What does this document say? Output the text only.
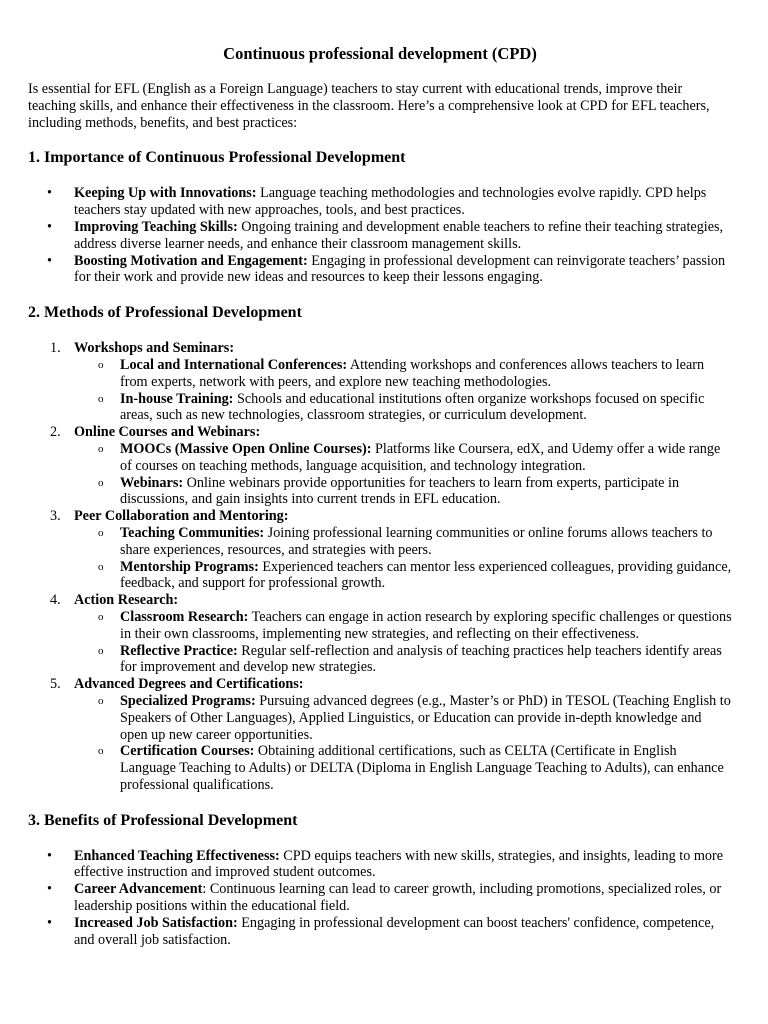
Continuous professional development (CPD)

Is essential for EFL (English as a Foreign Language) teachers to stay current with educational trends, improve their teaching skills, and enhance their effectiveness in the classroom. Here’s a comprehensive look at CPD for EFL teachers, including methods, benefits, and best practices:

1. Importance of Continuous Professional Development
• Keeping Up with Innovations: Language teaching methodologies and technologies evolve rapidly. CPD helps teachers stay updated with new approaches, tools, and best practices.
• Improving Teaching Skills: Ongoing training and development enable teachers to refine their teaching strategies, address diverse learner needs, and enhance their classroom management skills.
• Boosting Motivation and Engagement: Engaging in professional development can reinvigorate teachers’ passion for their work and provide new ideas and resources to keep their lessons engaging.
2. Methods of Professional Development
1. Workshops and Seminars:
o Local and International Conferences: Attending workshops and conferences allows teachers to learn from experts, network with peers, and explore new teaching methodologies.
o In-house Training: Schools and educational institutions often organize workshops focused on specific areas, such as new technologies, classroom strategies, or curriculum development.
2. Online Courses and Webinars:
o MOOCs (Massive Open Online Courses): Platforms like Coursera, edX, and Udemy offer a wide range of courses on teaching methods, language acquisition, and technology integration.
o Webinars: Online webinars provide opportunities for teachers to learn from experts, participate in discussions, and gain insights into current trends in EFL education.
3. Peer Collaboration and Mentoring:
o Teaching Communities: Joining professional learning communities or online forums allows teachers to share experiences, resources, and strategies with peers.
o Mentorship Programs: Experienced teachers can mentor less experienced colleagues, providing guidance, feedback, and support for professional growth.
4. Action Research:
o Classroom Research: Teachers can engage in action research by exploring specific challenges or questions in their own classrooms, implementing new strategies, and reflecting on their effectiveness.
o Reflective Practice: Regular self-reflection and analysis of teaching practices help teachers identify areas for improvement and develop new strategies.
5. Advanced Degrees and Certifications:
o Specialized Programs: Pursuing advanced degrees (e.g., Master’s or PhD) in TESOL (Teaching English to Speakers of Other Languages), Applied Linguistics, or Education can provide in-depth knowledge and open up new career opportunities.
o Certification Courses: Obtaining additional certifications, such as CELTA (Certificate in English Language Teaching to Adults) or DELTA (Diploma in English Language Teaching to Adults), can enhance professional qualifications.
3. Benefits of Professional Development
• Enhanced Teaching Effectiveness: CPD equips teachers with new skills, strategies, and insights, leading to more effective instruction and improved student outcomes.
• Career Advancement: Continuous learning can lead to career growth, including promotions, specialized roles, or leadership positions within the educational field.
• Increased Job Satisfaction: Engaging in professional development can boost teachers' confidence, competence, and overall job satisfaction.
